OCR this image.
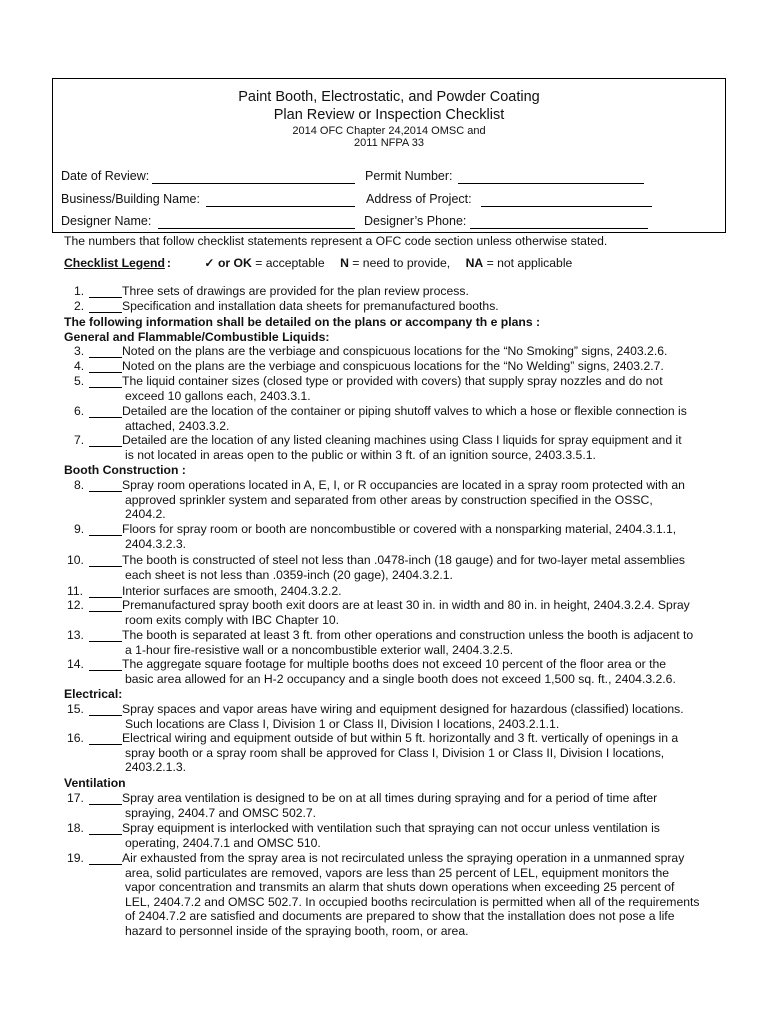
Paint Booth, Electrostatic, and Powder Coating
Plan Review or Inspection Checklist
2014 OFC Chapter 24,2014 OMSC and
2011 NFPA 33
Date of Review:	Permit Number:
Business/Building Name:	Address of Project:
Designer Name:	Designer’s Phone:
The numbers that follow checklist statements represent a OFC code section unless otherwise stated.
Checklist Legend :	✓ or OK = acceptable N = need to provide, NA = not applicable
The following information shall be detailed on the plans or accompany th e plans :
General and Flammable/Combustible Liquids:
Booth Construction :
Electrical:
Ventilation
1.	Three sets of drawings are provided for the plan review process.
2.	Specification and installation data sheets for premanufactured booths.
3.	Noted on the plans are the verbiage and conspicuous locations for the “No Smoking” signs, 2403.2.6.
4.	Noted on the plans are the verbiage and conspicuous locations for the “No Welding” signs, 2403.2.7.
5.	The liquid container sizes (closed type or provided with covers) that supply spray nozzles and do not
exceed 10 gallons each, 2403.3.1.
6.	Detailed are the location of the container or piping shutoff valves to which a hose or flexible connection is
attached, 2403.3.2.
7.	Detailed are the location of any listed cleaning machines using Class I liquids for spray equipment and it
is not located in areas open to the public or within 3 ft. of an ignition source, 2403.3.5.1.
8.	Spray room operations located in A, E, I, or R occupancies are located in a spray room protected with an
approved sprinkler system and separated from other areas by construction specified in the OSSC,
2404.2.
9.	Floors for spray room or booth are noncombustible or covered with a nonsparking material, 2404.3.1.1,
2404.3.2.3.
10.	The booth is constructed of steel not less than .0478-inch (18 gauge) and for two-layer metal assemblies
each sheet is not less than .0359-inch (20 gage), 2404.3.2.1.
11.	Interior surfaces are smooth, 2404.3.2.2.
12.	Premanufactured spray booth exit doors are at least 30 in. in width and 80 in. in height, 2404.3.2.4. Spray
room exits comply with IBC Chapter 10.
13.	The booth is separated at least 3 ft. from other operations and construction unless the booth is adjacent to
a 1-hour fire-resistive wall or a noncombustible exterior wall, 2404.3.2.5.
14.	The aggregate square footage for multiple booths does not exceed 10 percent of the floor area or the
basic area allowed for an H-2 occupancy and a single booth does not exceed 1,500 sq. ft., 2404.3.2.6.
15.	Spray spaces and vapor areas have wiring and equipment designed for hazardous (classified) locations.
Such locations are Class I, Division 1 or Class II, Division I locations, 2403.2.1.1.
16.	Electrical wiring and equipment outside of but within 5 ft. horizontally and 3 ft. vertically of openings in a
spray booth or a spray room shall be approved for Class I, Division 1 or Class II, Division I locations,
2403.2.1.3.
17.	Spray area ventilation is designed to be on at all times during spraying and for a period of time after
spraying, 2404.7 and OMSC 502.7.
18.	Spray equipment is interlocked with ventilation such that spraying can not occur unless ventilation is
operating, 2404.7.1 and OMSC 510.
19.	Air exhausted from the spray area is not recirculated unless the spraying operation in a unmanned spray
area, solid particulates are removed, vapors are less than 25 percent of LEL, equipment monitors the
vapor concentration and transmits an alarm that shuts down operations when exceeding 25 percent of
LEL, 2404.7.2 and OMSC 502.7. In occupied booths recirculation is permitted when all of the requirements
of 2404.7.2 are satisfied and documents are prepared to show that the installation does not pose a life
hazard to personnel inside of the spraying booth, room, or area.
